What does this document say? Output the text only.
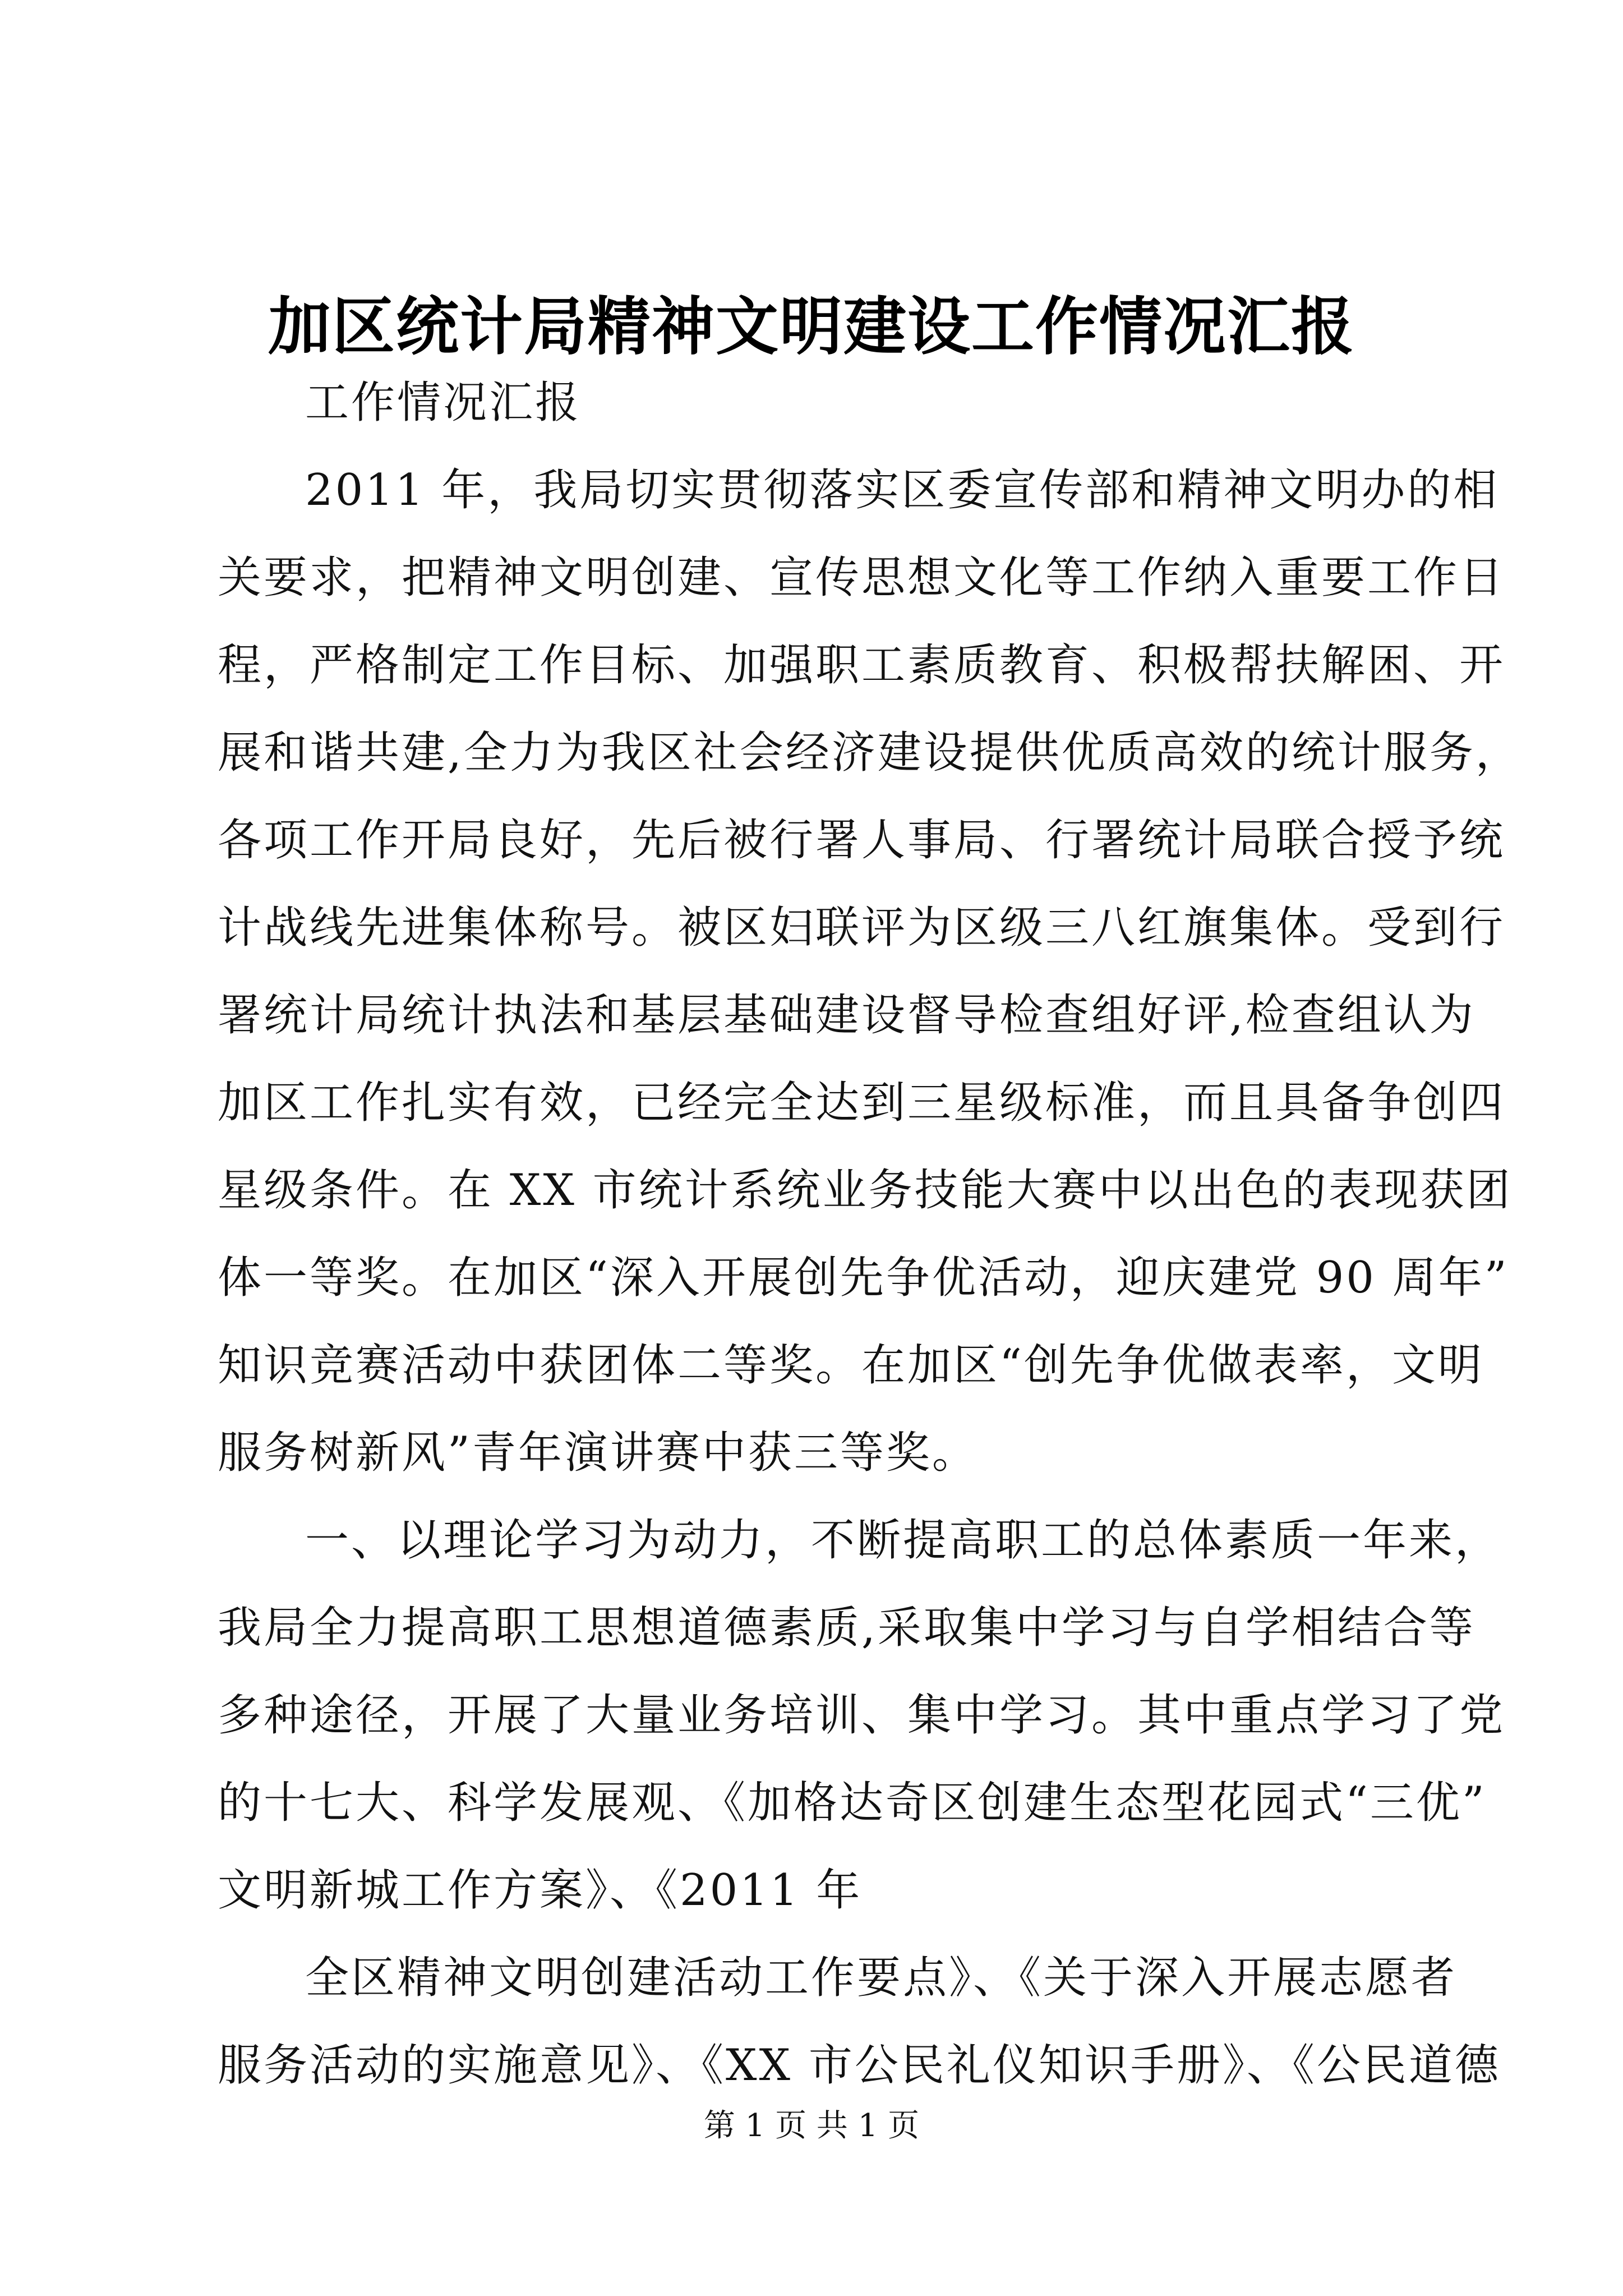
加区统计局精神文明建设工作情况汇报

工作情况汇报

2011 年，我局切实贯彻落实区委宣传部和精神文明办的相
关要求，把精神文明创建、宣传思想文化等工作纳入重要工作日
程，严格制定工作目标、加强职工素质教育、积极帮扶解困、开
展和谐共建,全力为我区社会经济建设提供优质高效的统计服务，
各项工作开局良好，先后被行署人事局、行署统计局联合授予统
计战线先进集体称号。被区妇联评为区级三八红旗集体。受到行
署统计局统计执法和基层基础建设督导检查组好评,检查组认为
加区工作扎实有效，已经完全达到三星级标准，而且具备争创四
星级条件。在 XX 市统计系统业务技能大赛中以出色的表现获团
体一等奖。在加区“深入开展创先争优活动，迎庆建党 90 周年”
知识竞赛活动中获团体二等奖。在加区“创先争优做表率，文明
服务树新风”青年演讲赛中获三等奖。

一、以理论学习为动力，不断提高职工的总体素质一年来，
我局全力提高职工思想道德素质,采取集中学习与自学相结合等
多种途径，开展了大量业务培训、集中学习。其中重点学习了党
的十七大、科学发展观、《加格达奇区创建生态型花园式“三优”
文明新城工作方案》、《2011 年

全区精神文明创建活动工作要点》、《关于深入开展志愿者
服务活动的实施意见》、《XX 市公民礼仪知识手册》、《公民道德

第 1 页 共 1 页
